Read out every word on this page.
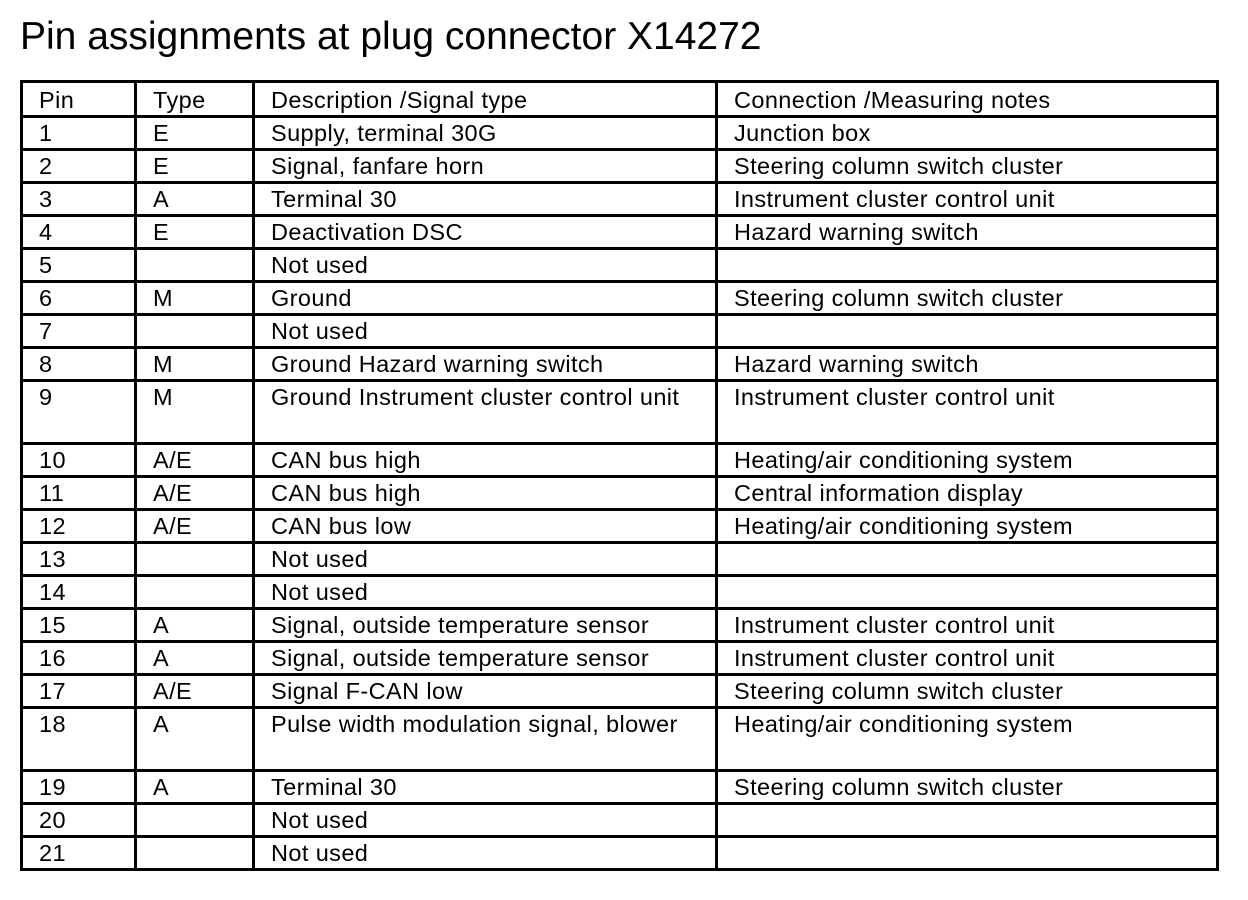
Pin assignments at plug connector X14272
Pin	Type	Description /Signal type	Connection /Measuring notes
1	E	Supply, terminal 30G	Junction box
2	E	Signal, fanfare horn	Steering column switch cluster
3	A	Terminal 30	Instrument cluster control unit
4	E	Deactivation DSC	Hazard warning switch
5		Not used	
6	M	Ground	Steering column switch cluster
7		Not used	
8	M	Ground Hazard warning switch	Hazard warning switch
9	M	Ground Instrument cluster control unit	Instrument cluster control unit
10	A/E	CAN bus high	Heating/air conditioning system
11	A/E	CAN bus high	Central information display
12	A/E	CAN bus low	Heating/air conditioning system
13		Not used	
14		Not used	
15	A	Signal, outside temperature sensor	Instrument cluster control unit
16	A	Signal, outside temperature sensor	Instrument cluster control unit
17	A/E	Signal F-CAN low	Steering column switch cluster
18	A	Pulse width modulation signal, blower	Heating/air conditioning system
19	A	Terminal 30	Steering column switch cluster
20		Not used	
21		Not used	
